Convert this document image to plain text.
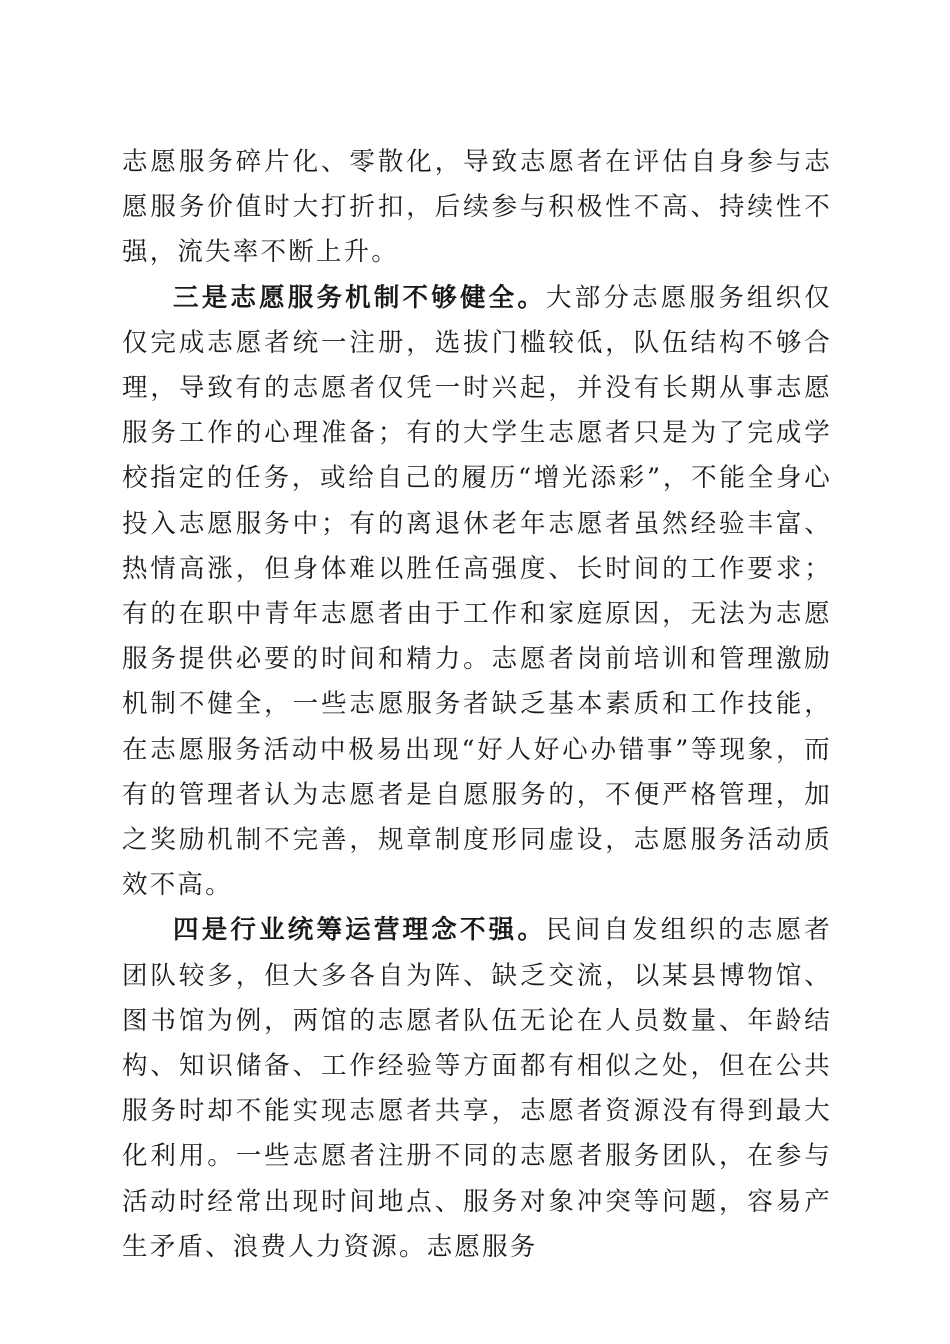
志愿服务碎片化、零散化，导致志愿者在评估自身参与志愿服务价值时大打折扣，后续参与积极性不高、持续性不强，流失率不断上升。

三是志愿服务机制不够健全。大部分志愿服务组织仅仅完成志愿者统一注册，选拔门槛较低，队伍结构不够合理，导致有的志愿者仅凭一时兴起，并没有长期从事志愿服务工作的心理准备；有的大学生志愿者只是为了完成学校指定的任务，或给自己的履历“增光添彩”，不能全身心投入志愿服务中；有的离退休老年志愿者虽然经验丰富、热情高涨，但身体难以胜任高强度、长时间的工作要求；有的在职中青年志愿者由于工作和家庭原因，无法为志愿服务提供必要的时间和精力。志愿者岗前培训和管理激励机制不健全，一些志愿服务者缺乏基本素质和工作技能，在志愿服务活动中极易出现“好人好心办错事”等现象，而有的管理者认为志愿者是自愿服务的，不便严格管理，加之奖励机制不完善，规章制度形同虚设，志愿服务活动质效不高。

四是行业统筹运营理念不强。民间自发组织的志愿者团队较多，但大多各自为阵、缺乏交流，以某县博物馆、图书馆为例，两馆的志愿者队伍无论在人员数量、年龄结构、知识储备、工作经验等方面都有相似之处，但在公共服务时却不能实现志愿者共享，志愿者资源没有得到最大化利用。一些志愿者注册不同的志愿者服务团队，在参与活动时经常出现时间地点、服务对象冲突等问题，容易产生矛盾、浪费人力资源。志愿服务
